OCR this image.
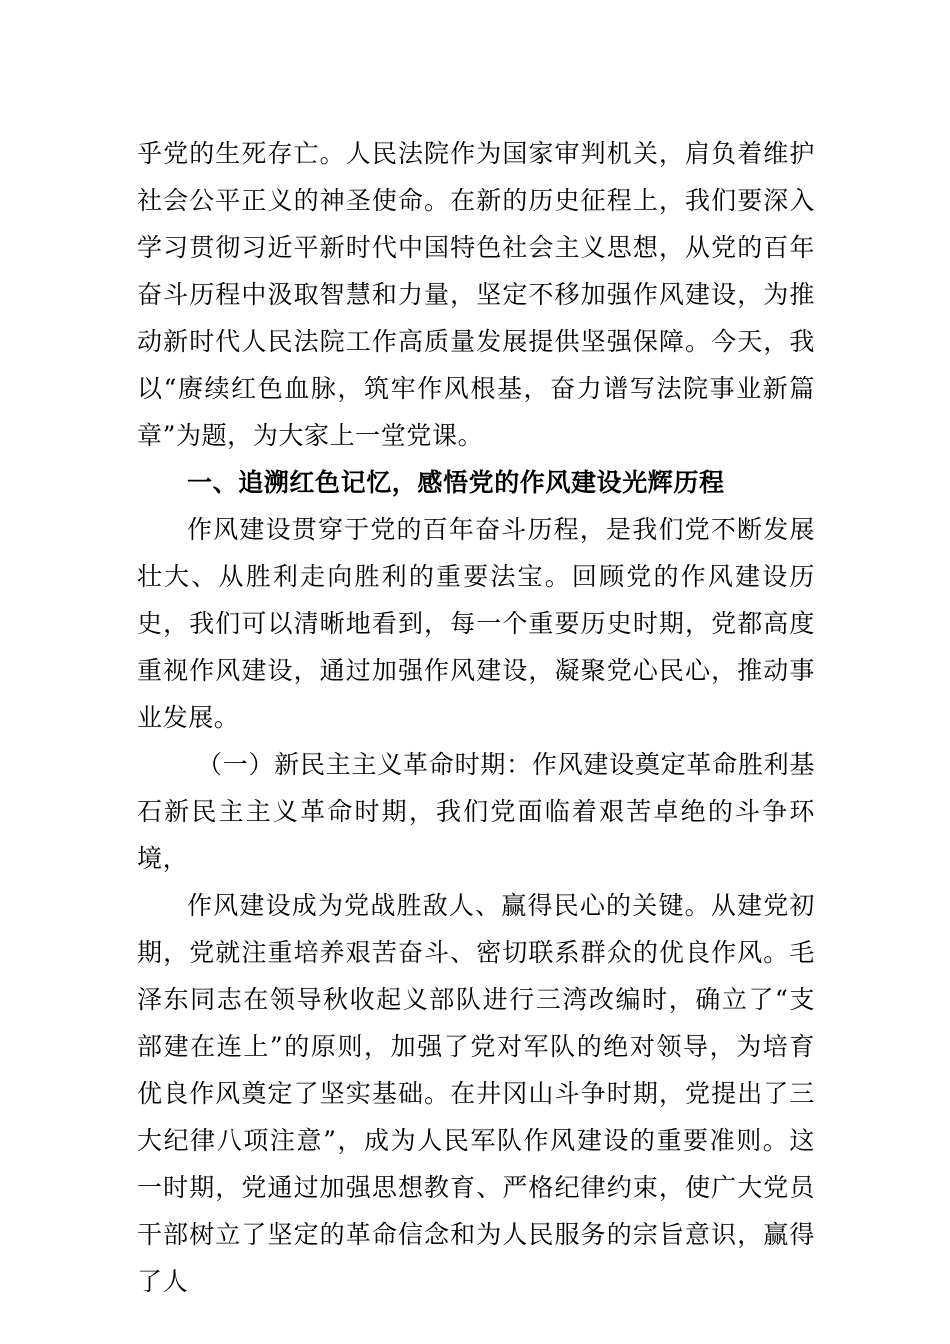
乎党的生死存亡。人民法院作为国家审判机关，肩负着维护社会公平正义的神圣使命。在新的历史征程上，我们要深入学习贯彻习近平新时代中国特色社会主义思想，从党的百年奋斗历程中汲取智慧和力量，坚定不移加强作风建设，为推动新时代人民法院工作高质量发展提供坚强保障。今天，我以“赓续红色血脉，筑牢作风根基，奋力谱写法院事业新篇章”为题，为大家上一堂党课。

一、追溯红色记忆，感悟党的作风建设光辉历程

作风建设贯穿于党的百年奋斗历程，是我们党不断发展壮大、从胜利走向胜利的重要法宝。回顾党的作风建设历史，我们可以清晰地看到，每一个重要历史时期，党都高度重视作风建设，通过加强作风建设，凝聚党心民心，推动事业发展。

（一）新民主主义革命时期：作风建设奠定革命胜利基石新民主主义革命时期，我们党面临着艰苦卓绝的斗争环境，

作风建设成为党战胜敌人、赢得民心的关键。从建党初期，党就注重培养艰苦奋斗、密切联系群众的优良作风。毛泽东同志在领导秋收起义部队进行三湾改编时，确立了“支部建在连上”的原则，加强了党对军队的绝对领导，为培育优良作风奠定了坚实基础。在井冈山斗争时期，党提出了三大纪律八项注意”，成为人民军队作风建设的重要准则。这一时期，党通过加强思想教育、严格纪律约束，使广大党员干部树立了坚定的革命信念和为人民服务的宗旨意识，赢得了人
